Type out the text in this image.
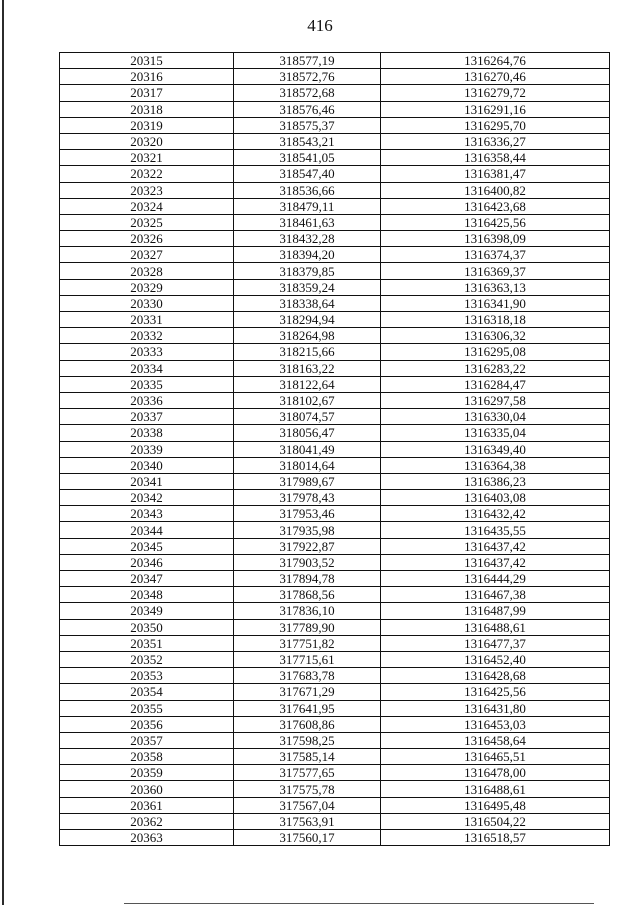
416
20315	318577,19	1316264,76
20316	318572,76	1316270,46
20317	318572,68	1316279,72
20318	318576,46	1316291,16
20319	318575,37	1316295,70
20320	318543,21	1316336,27
20321	318541,05	1316358,44
20322	318547,40	1316381,47
20323	318536,66	1316400,82
20324	318479,11	1316423,68
20325	318461,63	1316425,56
20326	318432,28	1316398,09
20327	318394,20	1316374,37
20328	318379,85	1316369,37
20329	318359,24	1316363,13
20330	318338,64	1316341,90
20331	318294,94	1316318,18
20332	318264,98	1316306,32
20333	318215,66	1316295,08
20334	318163,22	1316283,22
20335	318122,64	1316284,47
20336	318102,67	1316297,58
20337	318074,57	1316330,04
20338	318056,47	1316335,04
20339	318041,49	1316349,40
20340	318014,64	1316364,38
20341	317989,67	1316386,23
20342	317978,43	1316403,08
20343	317953,46	1316432,42
20344	317935,98	1316435,55
20345	317922,87	1316437,42
20346	317903,52	1316437,42
20347	317894,78	1316444,29
20348	317868,56	1316467,38
20349	317836,10	1316487,99
20350	317789,90	1316488,61
20351	317751,82	1316477,37
20352	317715,61	1316452,40
20353	317683,78	1316428,68
20354	317671,29	1316425,56
20355	317641,95	1316431,80
20356	317608,86	1316453,03
20357	317598,25	1316458,64
20358	317585,14	1316465,51
20359	317577,65	1316478,00
20360	317575,78	1316488,61
20361	317567,04	1316495,48
20362	317563,91	1316504,22
20363	317560,17	1316518,57
